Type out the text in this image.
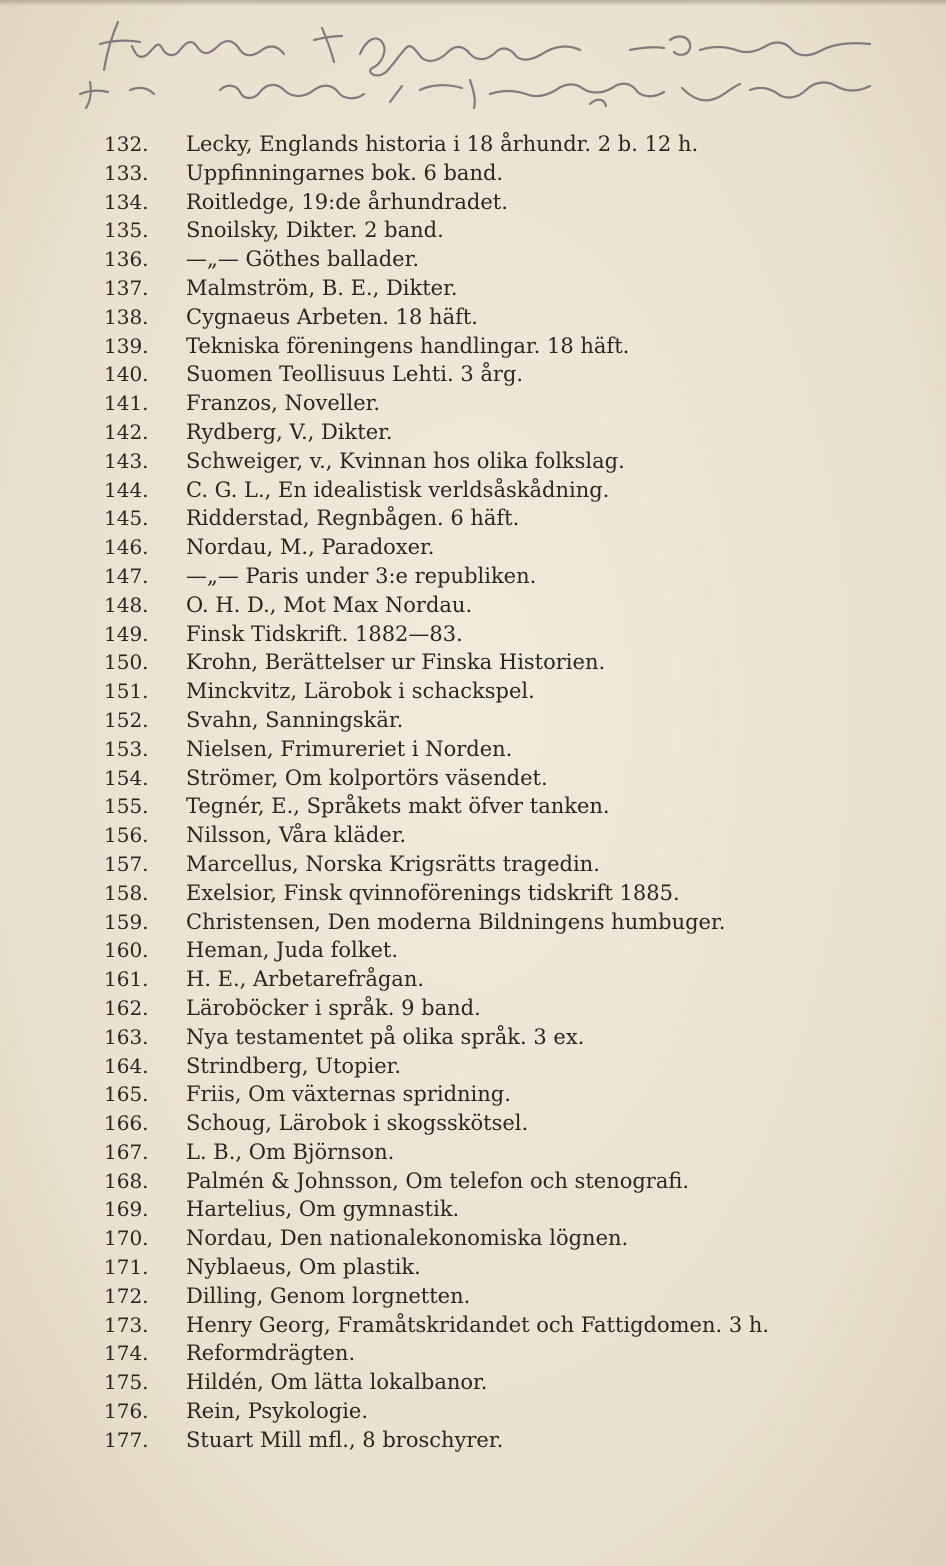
132.	Lecky, Englands historia i 18 århundr. 2 b. 12 h.
133.	Uppfinningarnes bok. 6 band.
134.	Roitledge, 19:de århundradet.
135.	Snoilsky, Dikter. 2 band.
136.	—„— Göthes ballader.
137.	Malmström, B. E., Dikter.
138.	Cygnaeus Arbeten. 18 häft.
139.	Tekniska föreningens handlingar. 18 häft.
140.	Suomen Teollisuus Lehti. 3 årg.
141.	Franzos, Noveller.
142.	Rydberg, V., Dikter.
143.	Schweiger, v., Kvinnan hos olika folkslag.
144.	C. G. L., En idealistisk verldsåskådning.
145.	Ridderstad, Regnbågen. 6 häft.
146.	Nordau, M., Paradoxer.
147.	—„— Paris under 3:e republiken.
148.	O. H. D., Mot Max Nordau.
149.	Finsk Tidskrift. 1882—83.
150.	Krohn, Berättelser ur Finska Historien.
151.	Minckvitz, Lärobok i schackspel.
152.	Svahn, Sanningskär.
153.	Nielsen, Frimureriet i Norden.
154.	Strömer, Om kolportörs väsendet.
155.	Tegnér, E., Språkets makt öfver tanken.
156.	Nilsson, Våra kläder.
157.	Marcellus, Norska Krigsrätts tragedin.
158.	Exelsior, Finsk qvinnoförenings tidskrift 1885.
159.	Christensen, Den moderna Bildningens humbuger.
160.	Heman, Juda folket.
161.	H. E., Arbetarefrågan.
162.	Läroböcker i språk. 9 band.
163.	Nya testamentet på olika språk. 3 ex.
164.	Strindberg, Utopier.
165.	Friis, Om växternas spridning.
166.	Schoug, Lärobok i skogsskötsel.
167.	L. B., Om Björnson.
168.	Palmén & Johnsson, Om telefon och stenografi.
169.	Hartelius, Om gymnastik.
170.	Nordau, Den nationalekonomiska lögnen.
171.	Nyblaeus, Om plastik.
172.	Dilling, Genom lorgnetten.
173.	Henry Georg, Framåtskridandet och Fattigdomen. 3 h.
174.	Reformdrägten.
175.	Hildén, Om lätta lokalbanor.
176.	Rein, Psykologie.
177.	Stuart Mill mfl., 8 broschyrer.
